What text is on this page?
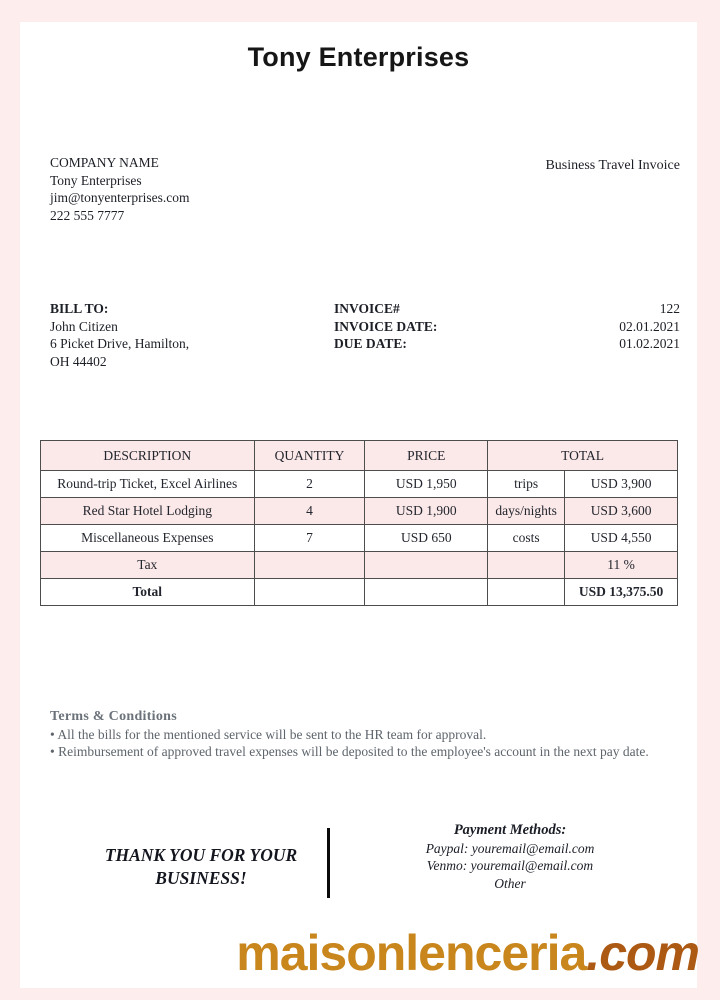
Tony Enterprises
COMPANY NAME
Tony Enterprises
jim@tonyenterprises.com
222 555 7777
Business Travel Invoice
BILL TO:
John Citizen
6 Picket Drive, Hamilton,
OH 44402
INVOICE#	122
INVOICE DATE:	02.01.2021
DUE DATE:	01.02.2021
DESCRIPTION	QUANTITY	PRICE	TOTAL	
Round-trip Ticket, Excel Airlines	2	USD 1,950	trips	USD 3,900
Red Star Hotel Lodging	4	USD 1,900	days/nights	USD 3,600
Miscellaneous Expenses	7	USD 650	costs	USD 4,550
Tax				11 %
Total				USD 13,375.50
Terms & Conditions
• All the bills for the mentioned service will be sent to the HR team for approval.
• Reimbursement of approved travel expenses will be deposited to the employee's account in the next pay date.
THANK YOU FOR YOUR BUSINESS!
Payment Methods:
Paypal: youremail@email.com
Venmo: youremail@email.com
Other
maisonlenceria.com
